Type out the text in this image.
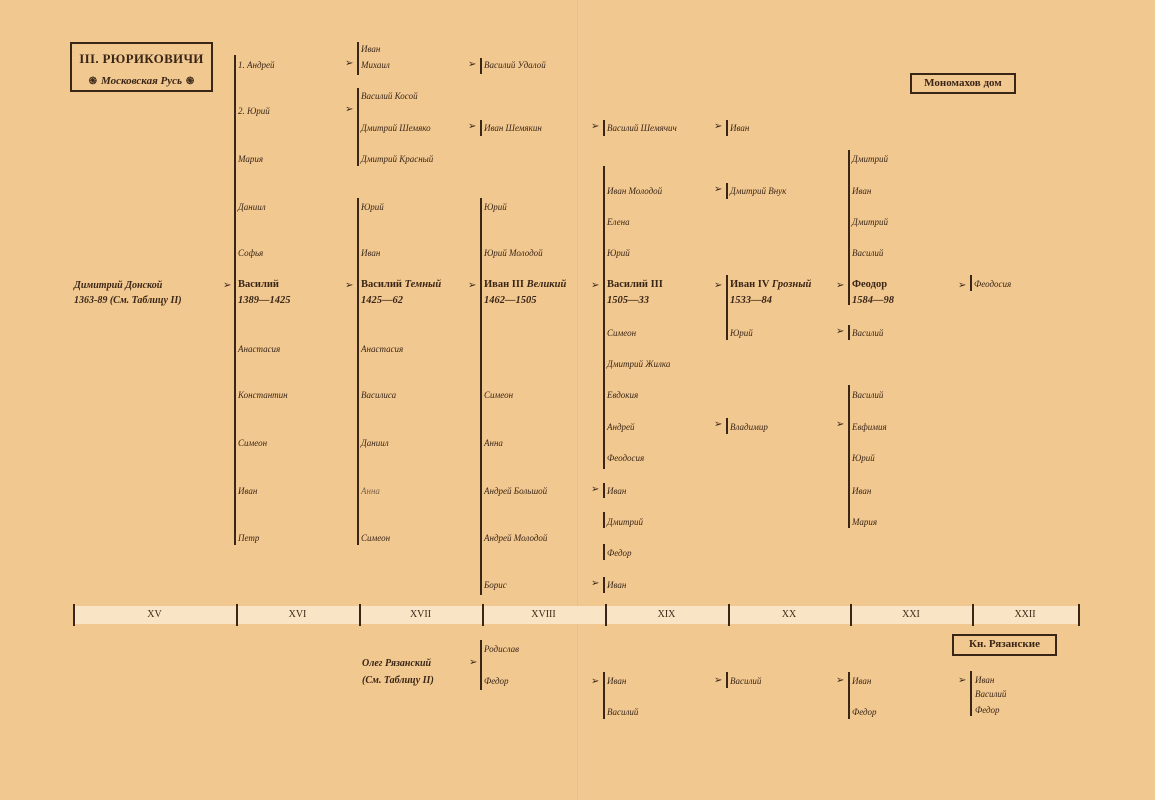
III. РЮРИКОВИЧИ
֍ Московская Русь ֍	Мономахов дом
Кн. Рязанские
Димитрий Донской
1363-89 (См. Таблицу II)
➢
➢
➢
➢
➢
➢
➢
➢
➢
➢
➢
➢
➢
➢
➢
➢
➢
➢
➢
1. Андрей
2. Юрий
Мария
Даниил
Софья
Василий
1389—1425
Анастасия
Константин
Симеон
Иван
Петр
Иван
Михаил	Василий Удалой
Василий Косой
Дмитрий Шемяко
Дмитрий Красный
Иван Шемякин	Василий Шемячич	Иван
Юрий
Иван
Василий Темный
1425—62
Анастасия
Василиса
Даниил
Анна
Симеон
Юрий
Юрий Молодой
Иван III Великий
1462—1505
Симеон
Анна
Андрей Большой
Андрей Молодой
Борис
Иван Молодой
Елена
Юрий
Василий III
1505—33
Симеон
Дмитрий Жилка
Евдокия
Андрей
Феодосия
Иван
Дмитрий
Федор
Иван
Дмитрий Внук
Иван IV Грозный
1533—84
Юрий
Владимир
Дмитрий
Иван
Дмитрий
Василий
Феодор
1584—98
Василий
Василий
Евфимия
Юрий
Иван
Мария
Феодосия
XV	XVI	XVII	XVIII	XIX	XX	XXI	XXII
Олег Рязанский
(См. Таблицу II)
➢
Родислав
Федор	➢ Иван
Василий
➢ Василий	➢ Иван
Федор
➢ Иван
Василий
Федор
